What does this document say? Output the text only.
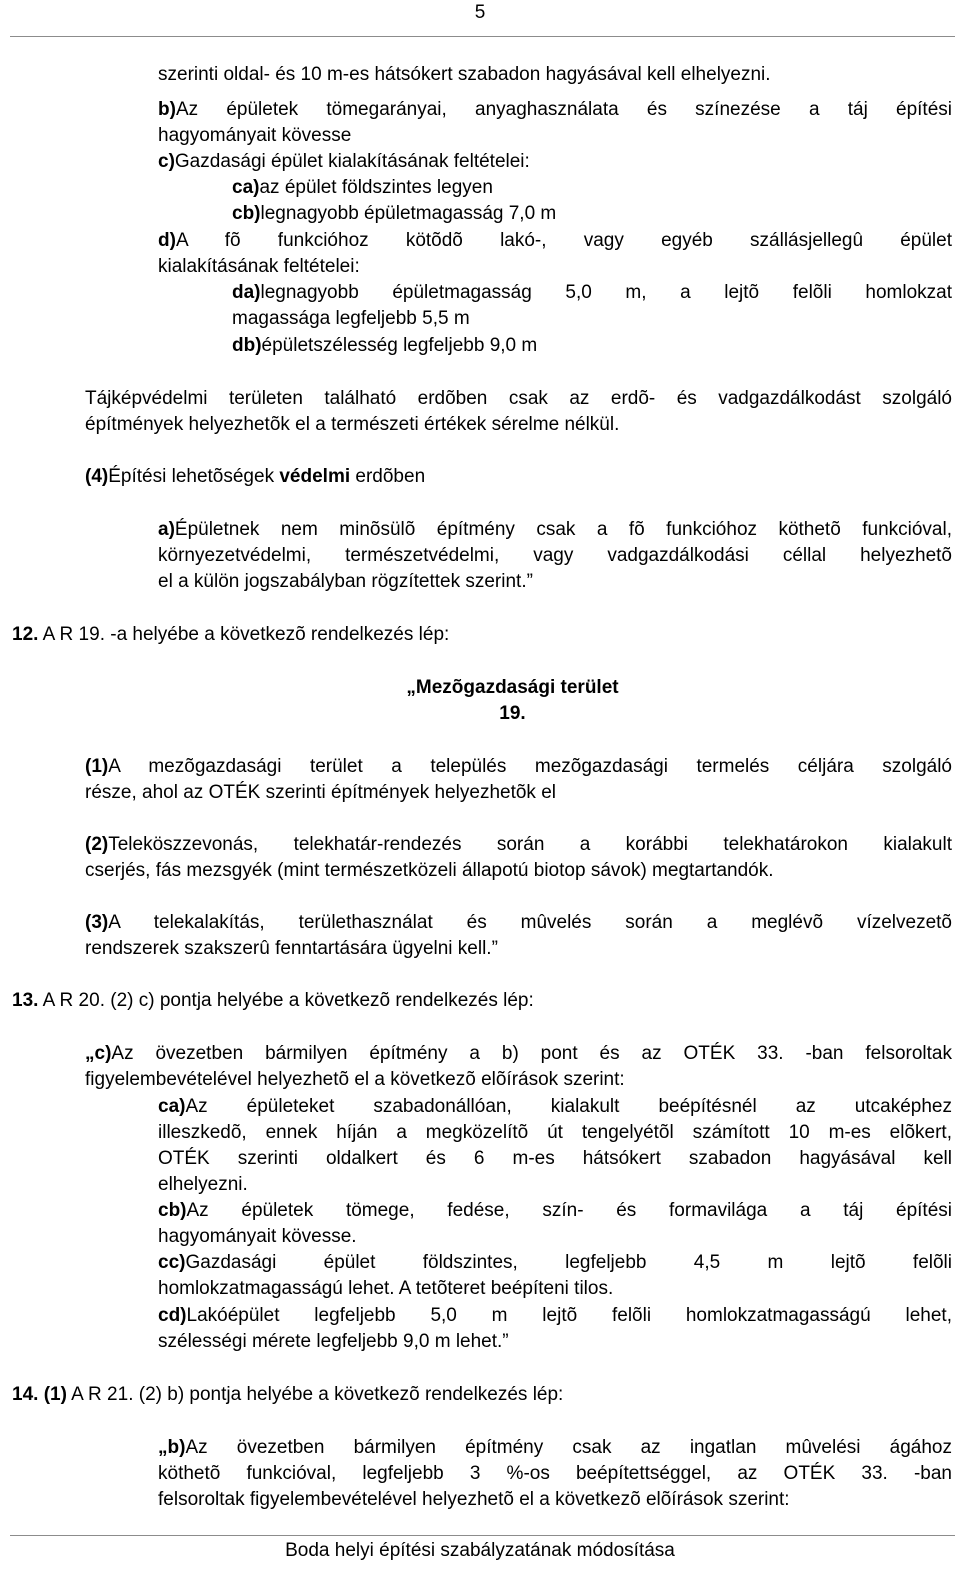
5
szerinti oldal- és 10 m-es hátsókert szabadon hagyásával kell elhelyezni.
b)Az épületek tömegarányai, anyaghasználata és színezése a táj építési
hagyományait kövesse
c)Gazdasági épület kialakításának feltételei:
ca)az épület földszintes legyen
cb)legnagyobb épületmagasság 7,0 m
d)A fõ funkcióhoz kötõdõ lakó-, vagy egyéb szállásjellegû épület
kialakításának feltételei:
da)legnagyobb épületmagasság 5,0 m, a lejtõ felõli homlokzat
magassága legfeljebb 5,5 m
db)épületszélesség legfeljebb 9,0 m
Tájképvédelmi területen található erdõben csak az erdõ- és vadgazdálkodást szolgáló
építmények helyezhetõk el a természeti értékek sérelme nélkül.
(4)Építési lehetõségek védelmi erdõben
a)Épületnek nem minõsülõ építmény csak a fõ funkcióhoz köthetõ funkcióval,
környezetvédelmi, természetvédelmi, vagy vadgazdálkodási céllal helyezhetõ
el a külön jogszabályban rögzítettek szerint.”
12. A R 19. -a helyébe a következõ rendelkezés lép:
„Mezõgazdasági terület
19.
(1)A mezõgazdasági terület a település mezõgazdasági termelés céljára szolgáló
része, ahol az OTÉK szerinti építmények helyezhetõk el
(2)Teleköszzevonás, telekhatár-rendezés során a korábbi telekhatárokon kialakult
cserjés, fás mezsgyék (mint természetközeli állapotú biotop sávok) megtartandók.
(3)A telekalakítás, területhasználat és mûvelés során a meglévõ vízelvezetõ
rendszerek szakszerû fenntartására ügyelni kell.”
13. A R 20. (2) c) pontja helyébe a következõ rendelkezés lép:
„c)Az övezetben bármilyen építmény a b) pont és az OTÉK 33. -ban felsoroltak
figyelembevételével helyezhetõ el a következõ elõírások szerint:
ca)Az épületeket szabadonállóan, kialakult beépítésnél az utcaképhez
illeszkedõ, ennek híján a megközelítõ út tengelyétõl számított 10 m-es elõkert,
OTÉK szerinti oldalkert és 6 m-es hátsókert szabadon hagyásával kell
elhelyezni.
cb)Az épületek tömege, fedése, szín- és formavilága a táj építési
hagyományait kövesse.
cc)Gazdasági épület földszintes, legfeljebb 4,5 m lejtõ felõli
homlokzatmagasságú lehet. A tetõteret beépíteni tilos.
cd)Lakóépület legfeljebb 5,0 m lejtõ felõli homlokzatmagasságú lehet,
szélességi mérete legfeljebb 9,0 m lehet.”
14. (1) A R 21. (2) b) pontja helyébe a következõ rendelkezés lép:
„b)Az övezetben bármilyen építmény csak az ingatlan mûvelési ágához
köthetõ funkcióval, legfeljebb 3 %-os beépítettséggel, az OTÉK 33. -ban
felsoroltak figyelembevételével helyezhetõ el a következõ elõírások szerint:
Boda helyi építési szabályzatának módosítása
